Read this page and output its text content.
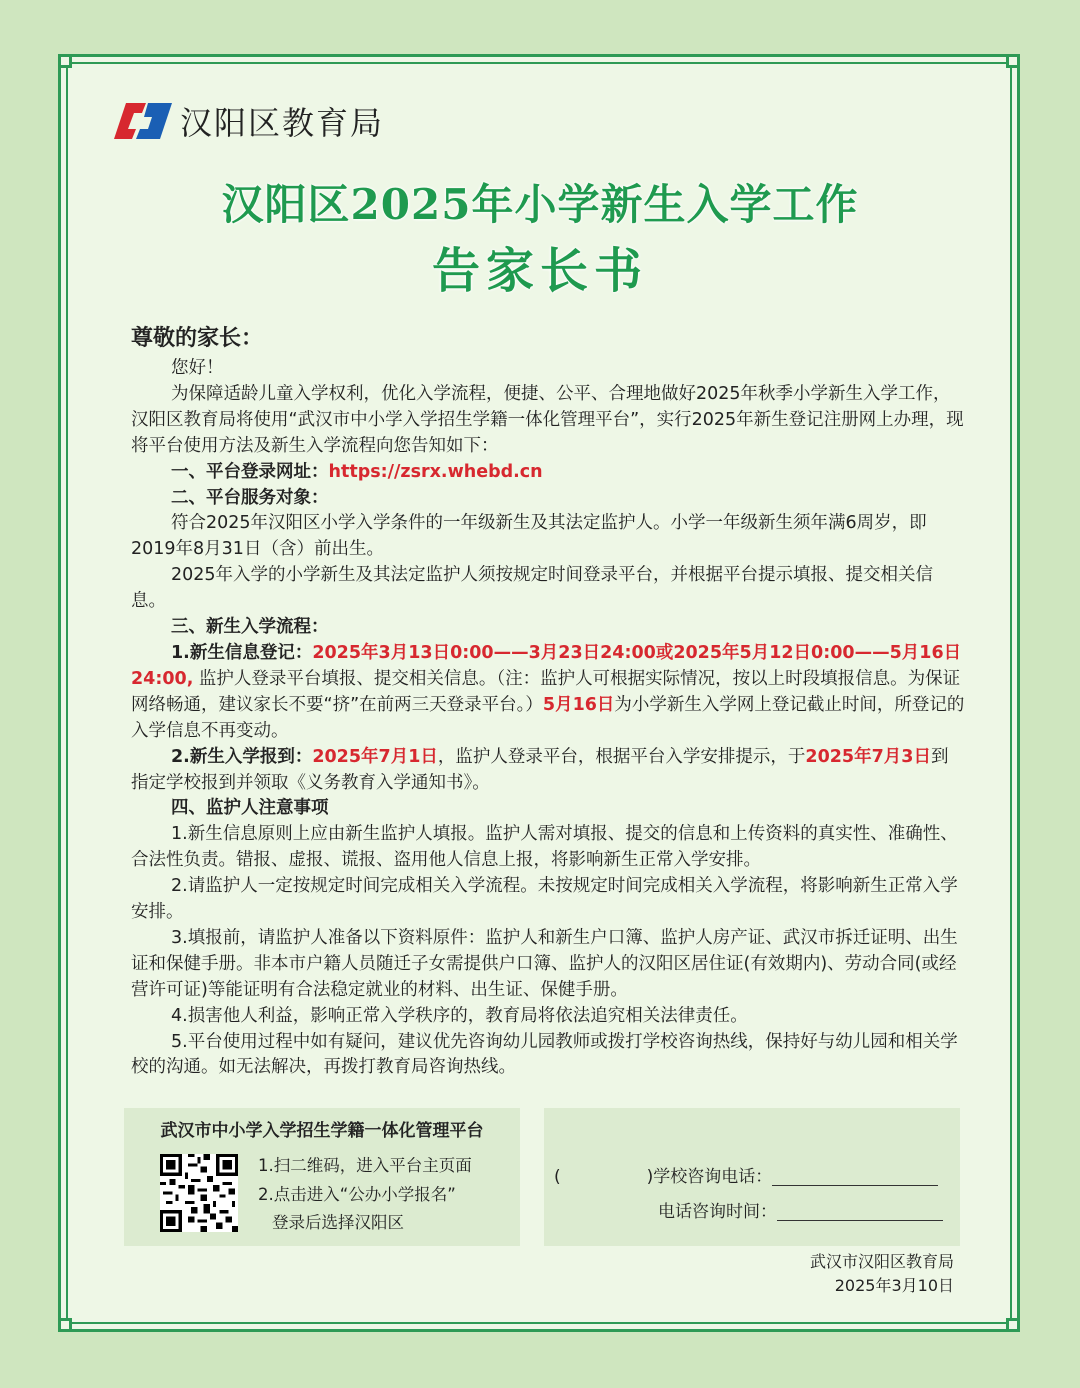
汉阳区教育局
汉阳区2025年小学新生入学工作
告家长书

尊敬的家长：

您好！

为保障适龄儿童入学权利，优化入学流程，便捷、公平、合理地做好2025年秋季小学新生入学工作，汉阳区教育局将使用“武汉市中小学入学招生学籍一体化管理平台”，实行2025年新生登记注册网上办理，现将平台使用方法及新生入学流程向您告知如下：

一、平台登录网址：https://zsrx.whebd.cn

二、平台服务对象：

符合2025年汉阳区小学入学条件的一年级新生及其法定监护人。小学一年级新生须年满6周岁，即2019年8月31日（含）前出生。

2025年入学的小学新生及其法定监护人须按规定时间登录平台，并根据平台提示填报、提交相关信息。

三、新生入学流程：

1.新生信息登记：2025年3月13日0:00——3月23日24:00或2025年5月12日0:00——5月16日24:00, 监护人登录平台填报、提交相关信息。（注：监护人可根据实际情况，按以上时段填报信息。为保证网络畅通，建议家长不要“挤”在前两三天登录平台。）5月16日为小学新生入学网上登记截止时间，所登记的入学信息不再变动。

2.新生入学报到：2025年7月1日，监护人登录平台，根据平台入学安排提示，于2025年7月3日到指定学校报到并领取《义务教育入学通知书》。

四、监护人注意事项

1.新生信息原则上应由新生监护人填报。监护人需对填报、提交的信息和上传资料的真实性、准确性、合法性负责。错报、虚报、谎报、盗用他人信息上报，将影响新生正常入学安排。

2.请监护人一定按规定时间完成相关入学流程。未按规定时间完成相关入学流程，将影响新生正常入学安排。

3.填报前，请监护人准备以下资料原件：监护人和新生户口簿、监护人房产证、武汉市拆迁证明、出生证和保健手册。非本市户籍人员随迁子女需提供户口簿、监护人的汉阳区居住证(有效期内)、劳动合同(或经营许可证)等能证明有合法稳定就业的材料、出生证、保健手册。

4.损害他人利益，影响正常入学秩序的，教育局将依法追究相关法律责任。

5.平台使用过程中如有疑问，建议优先咨询幼儿园教师或拨打学校咨询热线，保持好与幼儿园和相关学校的沟通。如无法解决，再拨打教育局咨询热线。

武汉市中小学入学招生学籍一体化管理平台
1.扫二维码，进入平台主页面
2.点击进入“公办小学报名”
登录后选择汉阳区
(	)学校咨询电话：
电话咨询时间：
武汉市汉阳区教育局
2025年3月10日
